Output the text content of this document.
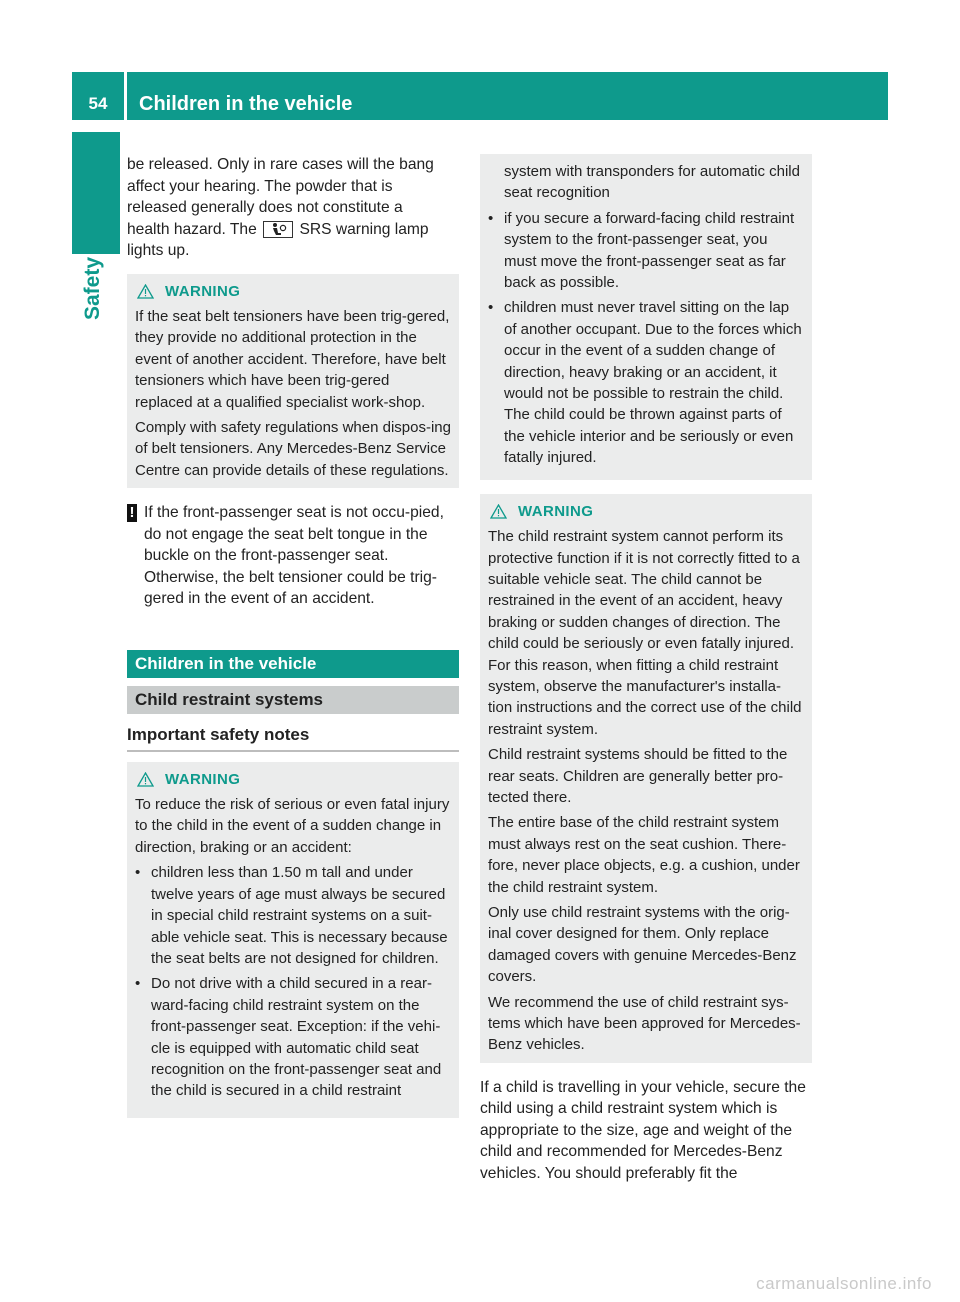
54	Children in the vehicle
Safety

be released. Only in rare cases will the bang
affect your hearing. The powder that is
released generally does not constitute a
health hazard. The	SRS warning lamp
lights up.

WARNING

If the seat belt tensioners have been trig-gered, they provide no additional protection in the event of another accident. Therefore, have belt tensioners which have been trig-gered replaced at a qualified specialist work-shop.

Comply with safety regulations when dispos-ing of belt tensioners. Any Mercedes-Benz Service Centre can provide details of these regulations.

! If the front-passenger seat is not occu-pied, do not engage the seat belt tongue in the buckle on the front-passenger seat. Otherwise, the belt tensioner could be trig-gered in the event of an accident.

Children in the vehicle
Child restraint systems
Important safety notes
WARNING

To reduce the risk of serious or even fatal injury to the child in the event of a sudden change in direction, braking or an accident:

• children less than 1.50 m tall and under twelve years of age must always be secured in special child restraint systems on a suit-able vehicle seat. This is necessary because the seat belts are not designed for children.
• Do not drive with a child secured in a rear-ward-facing child restraint system on the front-passenger seat. Exception: if the vehi-cle is equipped with automatic child seat recognition on the front-passenger seat and the child is secured in a child restraint

system with transponders for automatic child seat recognition

• if you secure a forward-facing child restraint system to the front-passenger seat, you must move the front-passenger seat as far back as possible.
• children must never travel sitting on the lap of another occupant. Due to the forces which occur in the event of a sudden change of direction, heavy braking or an accident, it would not be possible to restrain the child. The child could be thrown against parts of the vehicle interior and be seriously or even fatally injured.
WARNING

The child restraint system cannot perform its protective function if it is not correctly fitted to a suitable vehicle seat. The child cannot be restrained in the event of an accident, heavy braking or sudden changes of direction. The child could be seriously or even fatally injured. For this reason, when fitting a child restraint system, observe the manufacturer's installa-tion instructions and the correct use of the child restraint system.

Child restraint systems should be fitted to the rear seats. Children are generally better pro-tected there.

The entire base of the child restraint system must always rest on the seat cushion. There-fore, never place objects, e.g. a cushion, under the child restraint system.

Only use child restraint systems with the orig-inal cover designed for them. Only replace damaged covers with genuine Mercedes-Benz covers.

We recommend the use of child restraint sys-tems which have been approved for Mercedes-Benz vehicles.

If a child is travelling in your vehicle, secure the child using a child restraint system which is appropriate to the size, age and weight of the child and recommended for Mercedes-Benz vehicles. You should preferably fit the

carmanualsonline.info
